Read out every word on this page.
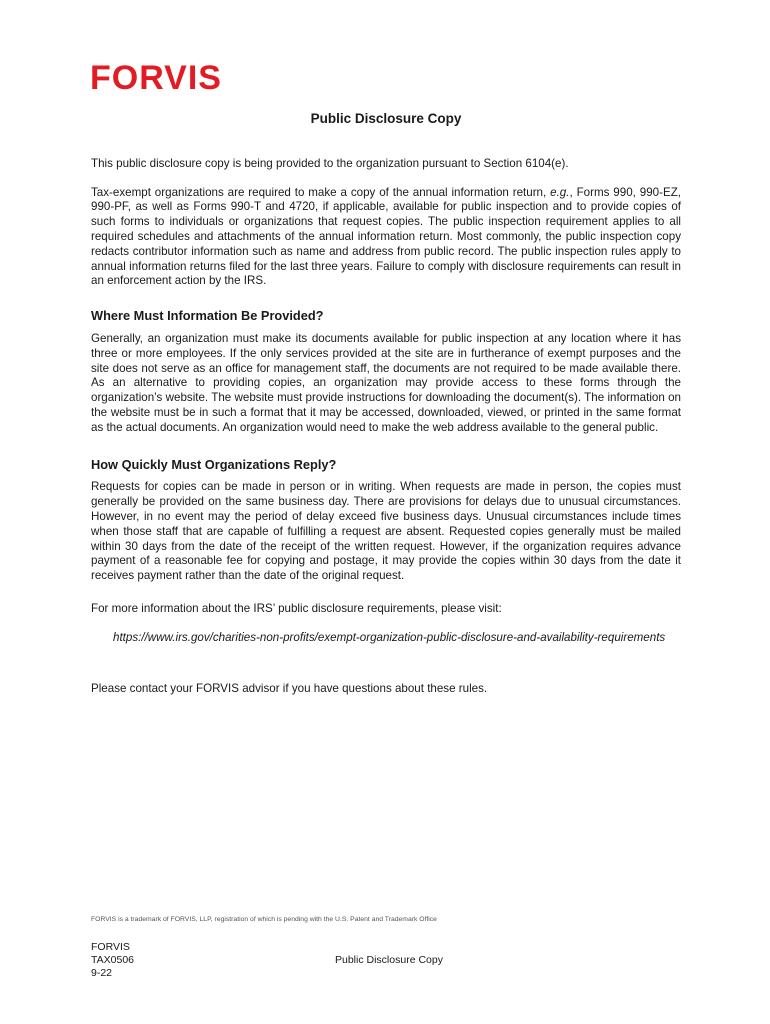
FORVIS
Public Disclosure Copy

This public disclosure copy is being provided to the organization pursuant to Section 6104(e).

Tax-exempt organizations are required to make a copy of the annual information return, e.g., Forms 990, 990-EZ, 990-PF, as well as Forms 990-T and 4720, if applicable, available for public inspection and to provide copies of such forms to individuals or organizations that request copies. The public inspection requirement applies to all required schedules and attachments of the annual information return. Most commonly, the public inspection copy redacts contributor information such as name and address from public record. The public inspection rules apply to annual information returns filed for the last three years. Failure to comply with disclosure requirements can result in an enforcement action by the IRS.

Where Must Information Be Provided?

Generally, an organization must make its documents available for public inspection at any location where it has three or more employees. If the only services provided at the site are in furtherance of exempt purposes and the site does not serve as an office for management staff, the documents are not required to be made available there. As an alternative to providing copies, an organization may provide access to these forms through the organization’s website. The website must provide instructions for downloading the document(s). The information on the website must be in such a format that it may be accessed, downloaded, viewed, or printed in the same format as the actual documents. An organization would need to make the web address available to the general public.

How Quickly Must Organizations Reply?

Requests for copies can be made in person or in writing. When requests are made in person, the copies must generally be provided on the same business day. There are provisions for delays due to unusual circumstances. However, in no event may the period of delay exceed five business days. Unusual circumstances include times when those staff that are capable of fulfilling a request are absent. Requested copies generally must be mailed within 30 days from the date of the receipt of the written request. However, if the organization requires advance payment of a reasonable fee for copying and postage, it may provide the copies within 30 days from the date it receives payment rather than the date of the original request.

For more information about the IRS’ public disclosure requirements, please visit:

https://www.irs.gov/charities-non-profits/exempt-organization-public-disclosure-and-availability-requirements

Please contact your FORVIS advisor if you have questions about these rules.

FORVIS is a trademark of FORVIS, LLP, registration of which is pending with the U.S. Patent and Trademark Office
FORVIS
TAX0506
9-22
Public Disclosure Copy
